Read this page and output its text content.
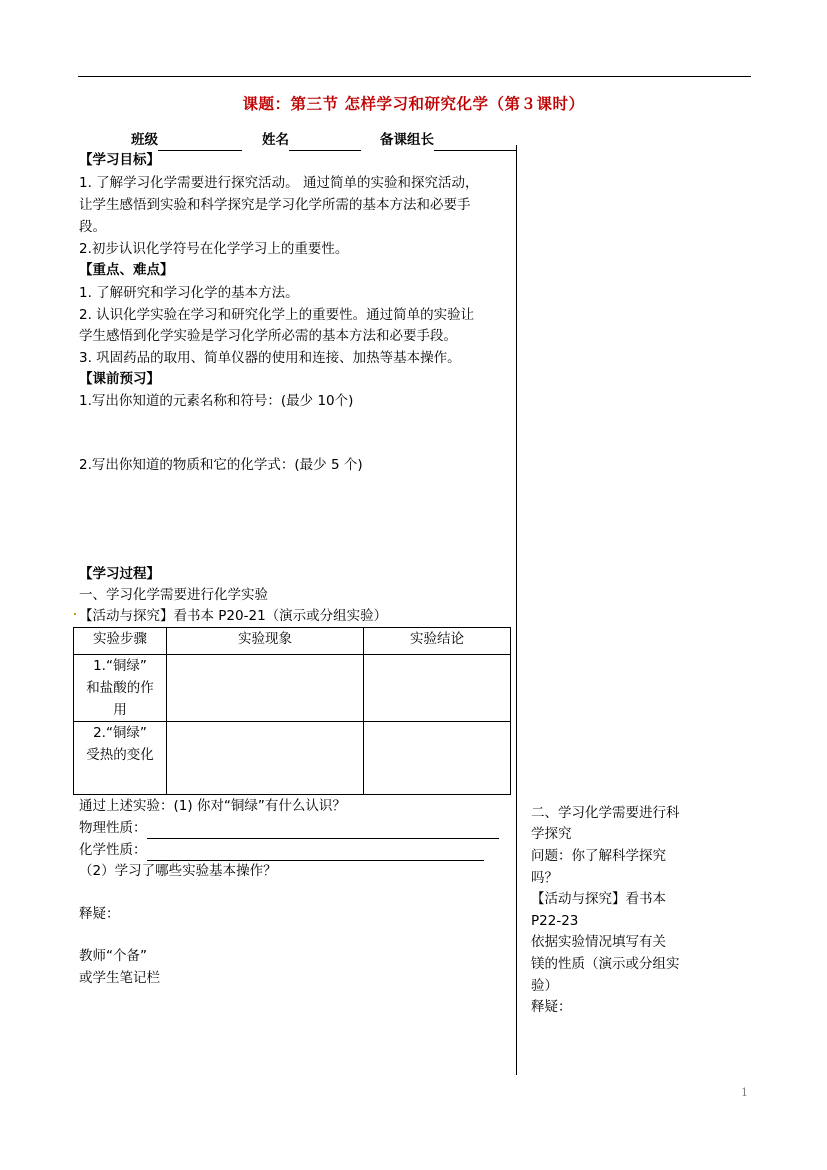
课题：第三节 怎样学习和研究化学（第３课时）
班级	姓名	备课组长
【学习目标】
1. 了解学习化学需要进行探究活动。 通过简单的实验和探究活动，
让学生感悟到实验和科学探究是学习化学所需的基本方法和必要手
段。
2.初步认识化学符号在化学学习上的重要性。
【重点、难点】
1. 了解研究和学习化学的基本方法。
2. 认识化学实验在学习和研究化学上的重要性。通过简单的实验让
学生感悟到化学实验是学习化学所必需的基本方法和必要手段。
3. 巩固药品的取用、简单仪器的使用和连接、加热等基本操作。
【课前预习】
1.写出你知道的元素名称和符号：(最少 10个)
2.写出你知道的物质和它的化学式：(最少 5 个)
【学习过程】
一、学习化学需要进行化学实验
【活动与探究】看书本 P20-21（演示或分组实验）
实验步骤	实验现象	实验结论

1.“铜绿”
和盐酸的作
用		

2.“铜绿”
受热的变化		

通过上述实验：(1) 你对“铜绿”有什么认识？
物理性质：
化学性质：
（2）学习了哪些实验基本操作？
释疑：
教师“个备”
或学生笔记栏
二、学习化学需要进行科
学探究
问题：你了解科学探究
吗？
【活动与探究】看书本
P22-23
依据实验情况填写有关
镁的性质（演示或分组实
验）
释疑：
1
